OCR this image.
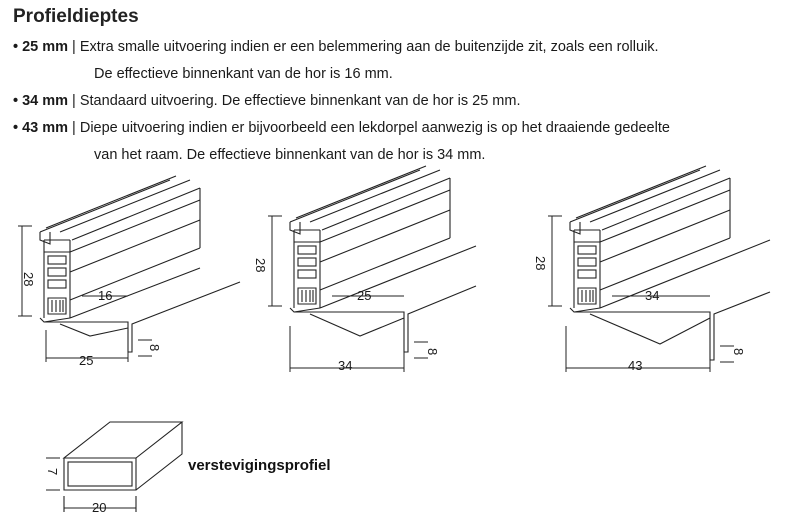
Profieldieptes
• 25 mm | Extra smalle uitvoering indien er een belemmering aan de buitenzijde zit, zoals een rolluik.
De effectieve binnenkant van de hor is 16 mm.
• 34 mm | Standaard uitvoering. De effectieve binnenkant van de hor is 25 mm.
• 43 mm | Diepe uitvoering indien er bijvoorbeeld een lekdorpel aanwezig is op het draaiende gedeelte
van het raam. De effectieve binnenkant van de hor is 34 mm.
28
16
25
8
28
25
34
8
28
34
43
8
verstevigingsprofiel
7
20
